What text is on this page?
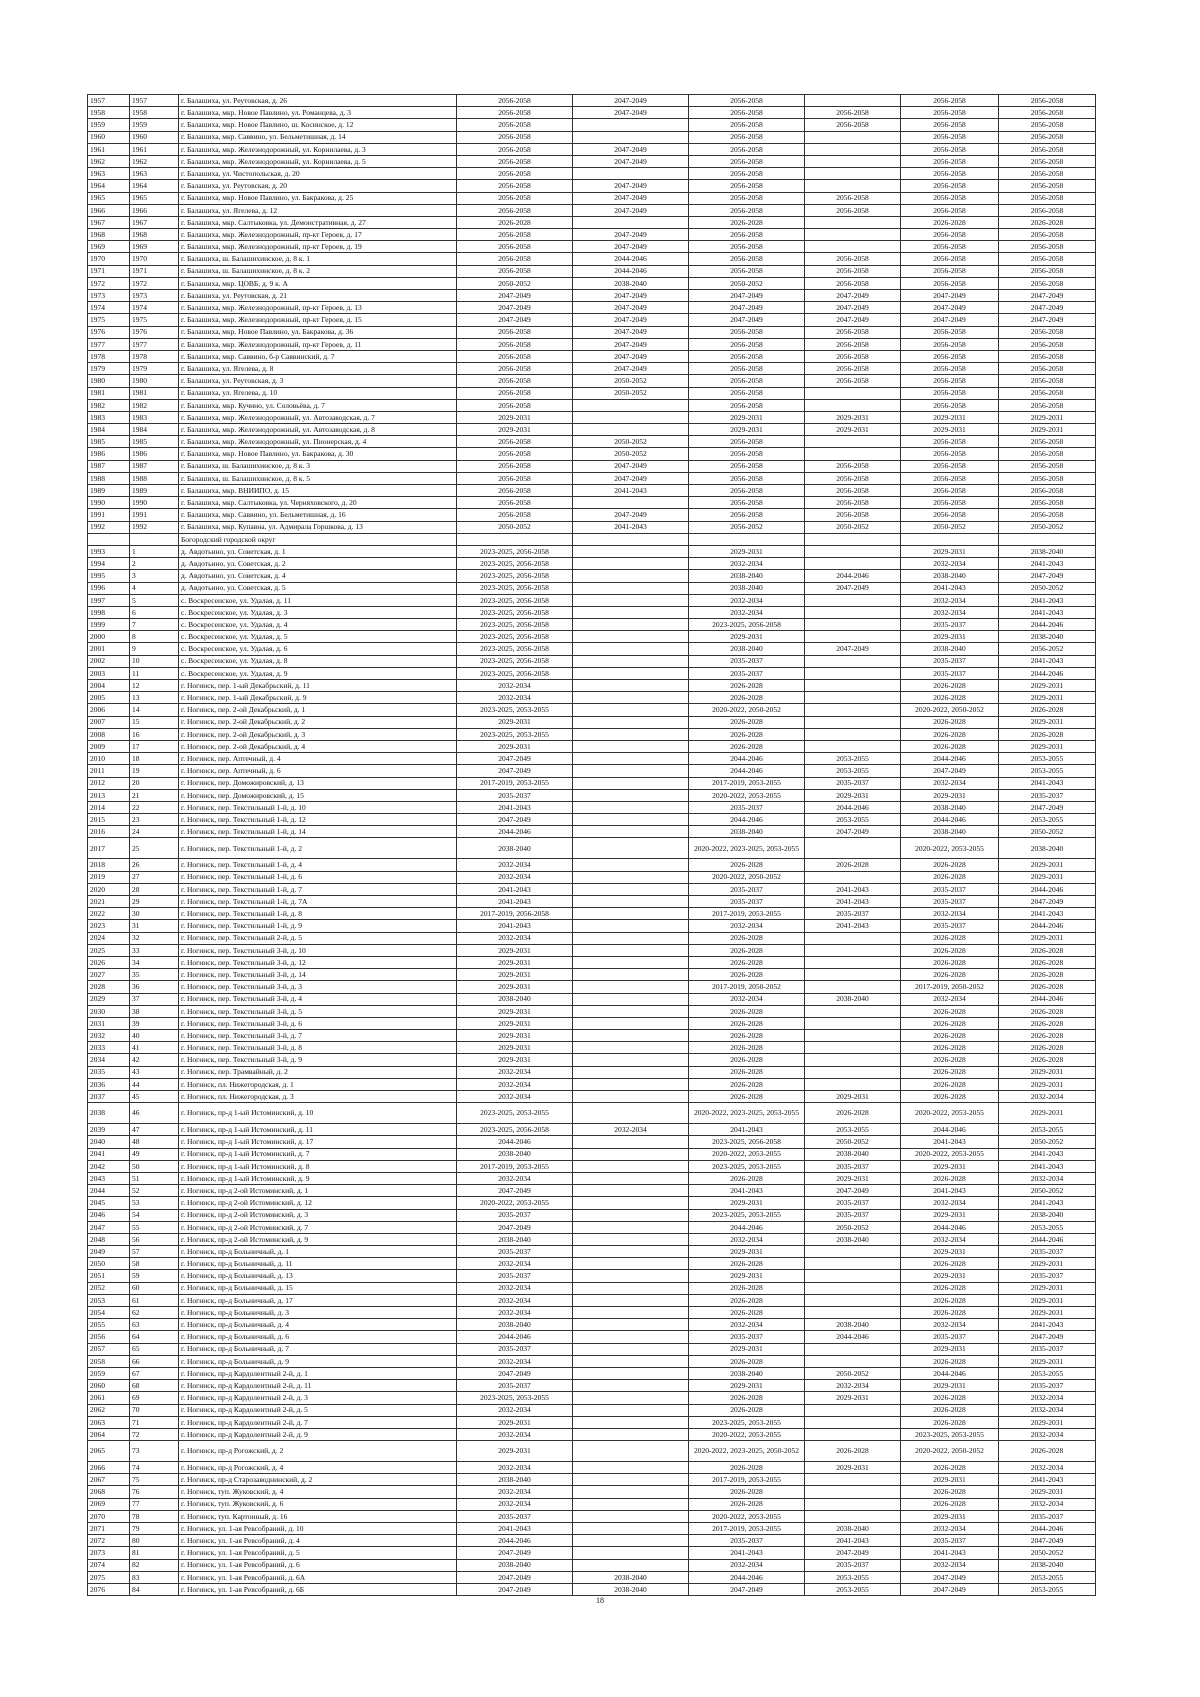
1957	1957	г. Балашиха, ул. Реутовская, д. 26	2056-2058	2047-2049	2056-2058		2056-2058	2056-2058
1958	1958	г. Балашиха, мкр. Новое Павлино, ул. Романцева, д. 3	2056-2058	2047-2049	2056-2058	2056-2058	2056-2058	2056-2058
1959	1959	г. Балашиха, мкр. Новое Павлино, ш. Косинское, д. 12	2056-2058		2056-2058	2056-2058	2056-2058	2056-2058
1960	1960	г. Балашиха, мкр. Саввино, ул. Бельметишная, д. 14	2056-2058		2056-2058		2056-2058	2056-2058
1961	1961	г. Балашиха, мкр. Железнодорожный, ул. Корнилаева, д. 3	2056-2058	2047-2049	2056-2058		2056-2058	2056-2058
1962	1962	г. Балашиха, мкр. Железнодорожный, ул. Корнилаева, д. 5	2056-2058	2047-2049	2056-2058		2056-2058	2056-2058
1963	1963	г. Балашиха, ул. Чистопольская, д. 20	2056-2058		2056-2058		2056-2058	2056-2058
1964	1964	г. Балашиха, ул. Реутовская, д. 20	2056-2058	2047-2049	2056-2058		2056-2058	2056-2058
1965	1965	г. Балашиха, мкр. Новое Павлино, ул. Бакракова, д. 25	2056-2058	2047-2049	2056-2058	2056-2058	2056-2058	2056-2058
1966	1966	г. Балашиха, ул. Ягелева, д. 12	2056-2058	2047-2049	2056-2058	2056-2058	2056-2058	2056-2058
1967	1967	г. Балашиха, мкр. Салтыковка, ул. Демонстративная, д. 27	2026-2028		2026-2028		2026-2028	2026-2028
1968	1968	г. Балашиха, мкр. Железнодорожный, пр-кт Героев, д. 17	2056-2058	2047-2049	2056-2058		2056-2058	2056-2058
1969	1969	г. Балашиха, мкр. Железнодорожный, пр-кт Героев, д. 19	2056-2058	2047-2049	2056-2058		2056-2058	2056-2058
1970	1970	г. Балашиха, ш. Балашихинское, д. 8 к. 1	2056-2058	2044-2046	2056-2058	2056-2058	2056-2058	2056-2058
1971	1971	г. Балашиха, ш. Балашихинское, д. 8 к. 2	2056-2058	2044-2046	2056-2058	2056-2058	2056-2058	2056-2058
1972	1972	г. Балашиха, мкр. ЦОВБ, д. 9 к. А	2050-2052	2038-2040	2050-2052	2056-2058	2056-2058	2056-2058
1973	1973	г. Балашиха, ул. Реутовская, д. 21	2047-2049	2047-2049	2047-2049	2047-2049	2047-2049	2047-2049
1974	1974	г. Балашиха, мкр. Железнодорожный, пр-кт Героев, д. 13	2047-2049	2047-2049	2047-2049	2047-2049	2047-2049	2047-2049
1975	1975	г. Балашиха, мкр. Железнодорожный, пр-кт Героев, д. 15	2047-2049	2047-2049	2047-2049	2047-2049	2047-2049	2047-2049
1976	1976	г. Балашиха, мкр. Новое Павлино, ул. Бакракова, д. 36	2056-2058	2047-2049	2056-2058	2056-2058	2056-2058	2056-2058
1977	1977	г. Балашиха, мкр. Железнодорожный, пр-кт Героев, д. 11	2056-2058	2047-2049	2056-2058	2056-2058	2056-2058	2056-2058
1978	1978	г. Балашиха, мкр. Саввино, б-р Саввинский, д. 7	2056-2058	2047-2049	2056-2058	2056-2058	2056-2058	2056-2058
1979	1979	г. Балашиха, ул. Ягелева, д. 8	2056-2058	2047-2049	2056-2058	2056-2058	2056-2058	2056-2058
1980	1980	г. Балашиха, ул. Реутовская, д. 3	2056-2058	2050-2052	2056-2058	2056-2058	2056-2058	2056-2058
1981	1981	г. Балашиха, ул. Ягелева, д. 10	2056-2058	2050-2052	2056-2058		2056-2058	2056-2058
1982	1982	г. Балашиха, мкр. Кучино, ул. Соловьёва, д. 7	2056-2058		2056-2058		2056-2058	2056-2058
1983	1983	г. Балашиха, мкр. Железнодорожный, ул. Автозаводская, д. 7	2029-2031		2029-2031	2029-2031	2029-2031	2029-2031
1984	1984	г. Балашиха, мкр. Железнодорожный, ул. Автозаводская, д. 8	2029-2031		2029-2031	2029-2031	2029-2031	2029-2031
1985	1985	г. Балашиха, мкр. Железнодорожный, ул. Пионерская, д. 4	2056-2058	2050-2052	2056-2058		2056-2058	2056-2058
1986	1986	г. Балашиха, мкр. Новое Павлино, ул. Бакракова, д. 30	2056-2058	2050-2052	2056-2058		2056-2058	2056-2058
1987	1987	г. Балашиха, ш. Балашихинское, д. 8 к. 3	2056-2058	2047-2049	2056-2058	2056-2058	2056-2058	2056-2058
1988	1988	г. Балашиха, ш. Балашихинское, д. 8 к. 5	2056-2058	2047-2049	2056-2058	2056-2058	2056-2058	2056-2058
1989	1989	г. Балашиха, мкр. ВНИИПО, д. 15	2056-2058	2041-2043	2056-2058	2056-2058	2056-2058	2056-2058
1990	1990	г. Балашиха, мкр. Салтыковка, ул. Черняховского, д. 20	2056-2058		2056-2058	2056-2058	2056-2058	2056-2058
1991	1991	г. Балашиха, мкр. Саввино, ул. Бельметишная, д. 16	2056-2058	2047-2049	2056-2058	2056-2058	2056-2058	2056-2058
1992	1992	г. Балашиха, мкр. Купавна, ул. Адмирала Горшкова, д. 13	2050-2052	2041-2043	2056-2052	2050-2052	2050-2052	2050-2052
		Богородский городской округ						
1993	1	д. Авдотьино, ул. Советская, д. 1	2023-2025, 2056-2058		2029-2031		2029-2031	2038-2040
1994	2	д. Авдотьино, ул. Советская, д. 2	2023-2025, 2056-2058		2032-2034		2032-2034	2041-2043
1995	3	д. Авдотьино, ул. Советская, д. 4	2023-2025, 2056-2058		2038-2040	2044-2046	2038-2040	2047-2049
1996	4	д. Авдотьино, ул. Советская, д. 5	2023-2025, 2056-2058		2038-2040	2047-2049	2041-2043	2050-2052
1997	5	с. Воскресенское, ул. Удалая, д. 11	2023-2025, 2056-2058		2032-2034		2032-2034	2041-2043
1998	6	с. Воскресенское, ул. Удалая, д. 3	2023-2025, 2056-2058		2032-2034		2032-2034	2041-2043
1999	7	с. Воскресенское, ул. Удалая, д. 4	2023-2025, 2056-2058		2023-2025, 2056-2058		2035-2037	2044-2046
2000	8	с. Воскресенское, ул. Удалая, д. 5	2023-2025, 2056-2058		2029-2031		2029-2031	2038-2040
2001	9	с. Воскресенское, ул. Удалая, д. 6	2023-2025, 2056-2058		2038-2040	2047-2049	2038-2040	2056-2052
2002	10	с. Воскресенское, ул. Удалая, д. 8	2023-2025, 2056-2058		2035-2037		2035-2037	2041-2043
2003	11	с. Воскресенское, ул. Удалая, д. 9	2023-2025, 2056-2058		2035-2037		2035-2037	2044-2046
2004	12	г. Ногинск, пер. 1-ый Декабрьский, д. 11	2032-2034		2026-2028		2026-2028	2029-2031
2005	13	г. Ногинск, пер. 1-ый Декабрьский, д. 9	2032-2034		2026-2028		2026-2028	2029-2031
2006	14	г. Ногинск, пер. 2-ой Декабрьский, д. 1	2023-2025, 2053-2055		2020-2022, 2050-2052		2020-2022, 2050-2052	2026-2028
2007	15	г. Ногинск, пер. 2-ой Декабрьский, д. 2	2029-2031		2026-2028		2026-2028	2029-2031
2008	16	г. Ногинск, пер. 2-ой Декабрьский, д. 3	2023-2025, 2053-2055		2026-2028		2026-2028	2026-2028
2009	17	г. Ногинск, пер. 2-ой Декабрьский, д. 4	2029-2031		2026-2028		2026-2028	2029-2031
2010	18	г. Ногинск, пер. Аптечный, д. 4	2047-2049		2044-2046	2053-2055	2044-2046	2053-2055
2011	19	г. Ногинск, пер. Аптечный, д. 6	2047-2049		2044-2046	2053-2055	2047-2049	2053-2055
2012	20	г. Ногинск, пер. Доможировский, д. 13	2017-2019, 2053-2055		2017-2019, 2053-2055	2035-2037	2032-2034	2041-2043
2013	21	г. Ногинск, пер. Доможировский, д. 15	2035-2037		2020-2022, 2053-2055	2029-2031	2029-2031	2035-2037
2014	22	г. Ногинск, пер. Текстильный 1-й, д. 10	2041-2043		2035-2037	2044-2046	2038-2040	2047-2049
2015	23	г. Ногинск, пер. Текстильный 1-й, д. 12	2047-2049		2044-2046	2053-2055	2044-2046	2053-2055
2016	24	г. Ногинск, пер. Текстильный 1-й, д. 14	2044-2046		2038-2040	2047-2049	2038-2040	2050-2052
2017	25	г. Ногинск, пер. Текстильный 1-й, д. 2	2038-2040		2020-2022, 2023-2025, 2053-2055		2020-2022, 2053-2055	2038-2040
2018	26	г. Ногинск, пер. Текстильный 1-й, д. 4	2032-2034		2026-2028	2026-2028	2026-2028	2029-2031
2019	27	г. Ногинск, пер. Текстильный 1-й, д. 6	2032-2034		2020-2022, 2050-2052		2026-2028	2029-2031
2020	28	г. Ногинск, пер. Текстильный 1-й, д. 7	2041-2043		2035-2037	2041-2043	2035-2037	2044-2046
2021	29	г. Ногинск, пер. Текстильный 1-й, д. 7А	2041-2043		2035-2037	2041-2043	2035-2037	2047-2049
2022	30	г. Ногинск, пер. Текстильный 1-й, д. 8	2017-2019, 2056-2058		2017-2019, 2053-2055	2035-2037	2032-2034	2041-2043
2023	31	г. Ногинск, пер. Текстильный 1-й, д. 9	2041-2043		2032-2034	2041-2043	2035-2037	2044-2046
2024	32	г. Ногинск, пер. Текстильный 2-й, д. 5	2032-2034		2026-2028		2026-2028	2029-2031
2025	33	г. Ногинск, пер. Текстильный 3-й, д. 10	2029-2031		2026-2028		2026-2028	2026-2028
2026	34	г. Ногинск, пер. Текстильный 3-й, д. 12	2029-2031		2026-2028		2026-2028	2026-2028
2027	35	г. Ногинск, пер. Текстильный 3-й, д. 14	2029-2031		2026-2028		2026-2028	2026-2028
2028	36	г. Ногинск, пер. Текстильный 3-й, д. 3	2029-2031		2017-2019, 2050-2052		2017-2019, 2050-2052	2026-2028
2029	37	г. Ногинск, пер. Текстильный 3-й, д. 4	2038-2040		2032-2034	2038-2040	2032-2034	2044-2046
2030	38	г. Ногинск, пер. Текстильный 3-й, д. 5	2029-2031		2026-2028		2026-2028	2026-2028
2031	39	г. Ногинск, пер. Текстильный 3-й, д. 6	2029-2031		2026-2028		2026-2028	2026-2028
2032	40	г. Ногинск, пер. Текстильный 3-й, д. 7	2029-2031		2026-2028		2026-2028	2026-2028
2033	41	г. Ногинск, пер. Текстильный 3-й, д. 8	2029-2031		2026-2028		2026-2028	2026-2028
2034	42	г. Ногинск, пер. Текстильный 3-й, д. 9	2029-2031		2026-2028		2026-2028	2026-2028
2035	43	г. Ногинск, пер. Трамвайный, д. 2	2032-2034		2026-2028		2026-2028	2029-2031
2036	44	г. Ногинск, пл. Нижегородская, д. 1	2032-2034		2026-2028		2026-2028	2029-2031
2037	45	г. Ногинск, пл. Нижегородская, д. 3	2032-2034		2026-2028	2029-2031	2026-2028	2032-2034
2038	46	г. Ногинск, пр-д 1-ый Истоминский, д. 10	2023-2025, 2053-2055		2020-2022, 2023-2025, 2053-2055	2026-2028	2020-2022, 2053-2055	2029-2031
2039	47	г. Ногинск, пр-д 1-ый Истоминский, д. 11	2023-2025, 2056-2058	2032-2034	2041-2043	2053-2055	2044-2046	2053-2055
2040	48	г. Ногинск, пр-д 1-ый Истоминский, д. 17	2044-2046		2023-2025, 2056-2058	2050-2052	2041-2043	2050-2052
2041	49	г. Ногинск, пр-д 1-ый Истоминский, д. 7	2038-2040		2020-2022, 2053-2055	2038-2040	2020-2022, 2053-2055	2041-2043
2042	50	г. Ногинск, пр-д 1-ый Истоминский, д. 8	2017-2019, 2053-2055		2023-2025, 2053-2055	2035-2037	2029-2031	2041-2043
2043	51	г. Ногинск, пр-д 1-ый Истоминский, д. 9	2032-2034		2026-2028	2029-2031	2026-2028	2032-2034
2044	52	г. Ногинск, пр-д 2-ой Истоминский, д. 1	2047-2049		2041-2043	2047-2049	2041-2043	2050-2052
2045	53	г. Ногинск, пр-д 2-ой Истоминский, д. 12	2020-2022, 2053-2055		2029-2031	2035-2037	2032-2034	2041-2043
2046	54	г. Ногинск, пр-д 2-ой Истоминский, д. 3	2035-2037		2023-2025, 2053-2055	2035-2037	2029-2031	2038-2040
2047	55	г. Ногинск, пр-д 2-ой Истоминский, д. 7	2047-2049		2044-2046	2050-2052	2044-2046	2053-2055
2048	56	г. Ногинск, пр-д 2-ой Истоминский, д. 9	2038-2040		2032-2034	2038-2040	2032-2034	2044-2046
2049	57	г. Ногинск, пр-д Больничный, д. 1	2035-2037		2029-2031		2029-2031	2035-2037
2050	58	г. Ногинск, пр-д Больничный, д. 11	2032-2034		2026-2028		2026-2028	2029-2031
2051	59	г. Ногинск, пр-д Больничный, д. 13	2035-2037		2029-2031		2029-2031	2035-2037
2052	60	г. Ногинск, пр-д Больничный, д. 15	2032-2034		2026-2028		2026-2028	2029-2031
2053	61	г. Ногинск, пр-д Больничный, д. 17	2032-2034		2026-2028		2026-2028	2029-2031
2054	62	г. Ногинск, пр-д Больничный, д. 3	2032-2034		2026-2028		2026-2028	2029-2031
2055	63	г. Ногинск, пр-д Больничный, д. 4	2038-2040		2032-2034	2038-2040	2032-2034	2041-2043
2056	64	г. Ногинск, пр-д Больничный, д. 6	2044-2046		2035-2037	2044-2046	2035-2037	2047-2049
2057	65	г. Ногинск, пр-д Больничный, д. 7	2035-2037		2029-2031		2029-2031	2035-2037
2058	66	г. Ногинск, пр-д Больничный, д. 9	2032-2034		2026-2028		2026-2028	2029-2031
2059	67	г. Ногинск, пр-д Кардолентный 2-й, д. 1	2047-2049		2038-2040	2050-2052	2044-2046	2053-2055
2060	68	г. Ногинск, пр-д Кардолентный 2-й, д. 11	2035-2037		2029-2031	2032-2034	2029-2031	2035-2037
2061	69	г. Ногинск, пр-д Кардолентный 2-й, д. 3	2023-2025, 2053-2055		2026-2028	2029-2031	2026-2028	2032-2034
2062	70	г. Ногинск, пр-д Кардолентный 2-й, д. 5	2032-2034		2026-2028		2026-2028	2032-2034
2063	71	г. Ногинск, пр-д Кардолентный 2-й, д. 7	2029-2031		2023-2025, 2053-2055		2026-2028	2029-2031
2064	72	г. Ногинск, пр-д Кардолентный 2-й, д. 9	2032-2034		2020-2022, 2053-2055		2023-2025, 2053-2055	2032-2034
2065	73	г. Ногинск, пр-д Рогожский, д. 2	2029-2031		2020-2022, 2023-2025, 2050-2052	2026-2028	2020-2022, 2050-2052	2026-2028
2066	74	г. Ногинск, пр-д Рогожский, д. 4	2032-2034		2026-2028	2029-2031	2026-2028	2032-2034
2067	75	г. Ногинск, пр-д Старозаводнинский, д. 2	2038-2040		2017-2019, 2053-2055		2029-2031	2041-2043
2068	76	г. Ногинск, туп. Жуковский, д. 4	2032-2034		2026-2028		2026-2028	2029-2031
2069	77	г. Ногинск, туп. Жуковский, д. 6	2032-2034		2026-2028		2026-2028	2032-2034
2070	78	г. Ногинск, туп. Картонный, д. 16	2035-2037		2020-2022, 2053-2055		2029-2031	2035-2037
2071	79	г. Ногинск, ул. 1-ая Ревсобраний, д. 10	2041-2043		2017-2019, 2053-2055	2038-2040	2032-2034	2044-2046
2072	80	г. Ногинск, ул. 1-ая Ревсобраний, д. 4	2044-2046		2035-2037	2041-2043	2035-2037	2047-2049
2073	81	г. Ногинск, ул. 1-ая Ревсобраний, д. 5	2047-2049		2041-2043	2047-2049	2041-2043	2050-2052
2074	82	г. Ногинск, ул. 1-ая Ревсобраний, д. 6	2038-2040		2032-2034	2035-2037	2032-2034	2038-2040
2075	83	г. Ногинск, ул. 1-ая Ревсобраний, д. 6А	2047-2049	2038-2040	2044-2046	2053-2055	2047-2049	2053-2055
2076	84	г. Ногинск, ул. 1-ая Ревсобраний, д. 6Б	2047-2049	2038-2040	2047-2049	2053-2055	2047-2049	2053-2055
18
